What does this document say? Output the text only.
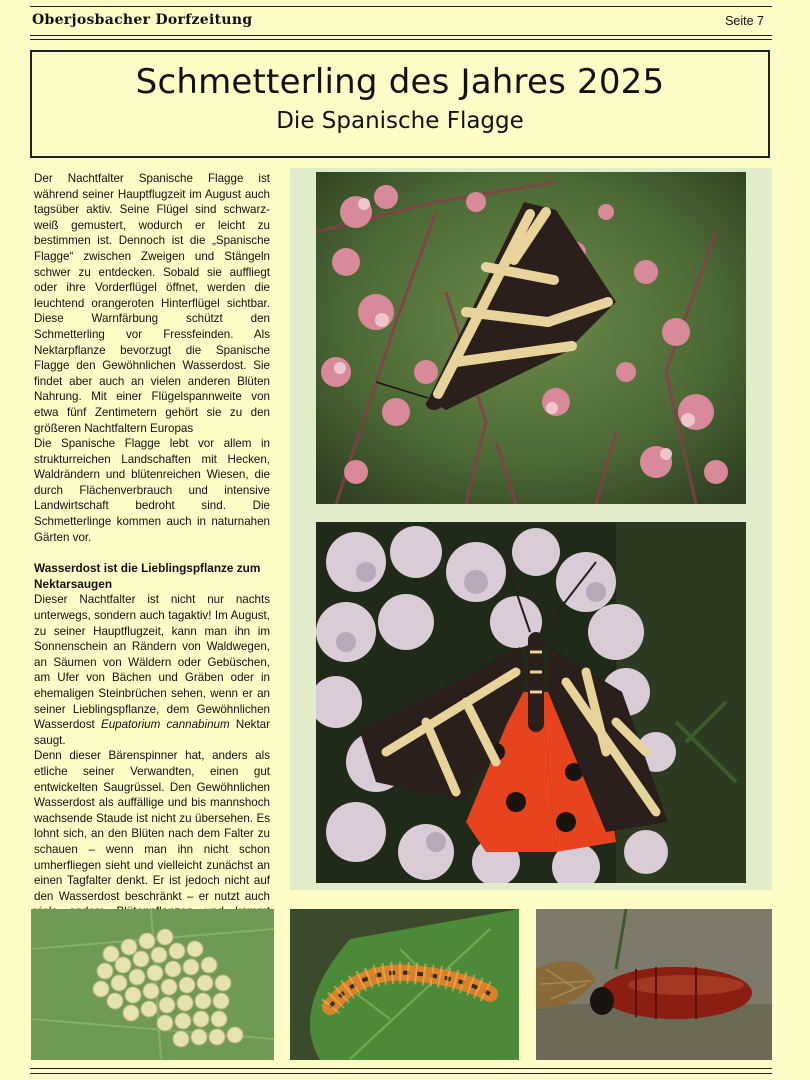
Oberjosbacher Dorfzeitung	Seite 7
Schmetterling des Jahres 2025
Die Spanische Flagge

Der Nachtfalter Spanische Flagge ist während seiner Hauptflugzeit im August auch tagsüber aktiv. Seine Flügel sind schwarz-weiß gemustert, wodurch er leicht zu bestimmen ist. Dennoch ist die „Spanische Flagge“ zwischen Zweigen und Stängeln schwer zu entdecken. Sobald sie auffliegt oder ihre Vorderflügel öffnet, werden die leuchtend orangeroten Hinterflügel sichtbar. Diese Warnfärbung schützt den Schmetterling vor Fressfeinden. Als Nektarpflanze bevorzugt die Spanische Flagge den Gewöhnlichen Wasserdost. Sie findet aber auch an vielen anderen Blüten Nahrung. Mit einer Flügelspannweite von etwa fünf Zentimetern gehört sie zu den größeren Nachtfaltern Europas

Die Spanische Flagge lebt vor allem in strukturreichen Landschaften mit Hecken, Waldrändern und blütenreichen Wiesen, die durch Flächenverbrauch und intensive Landwirtschaft bedroht sind. Die Schmetterlinge kommen auch in naturnahen Gärten vor.

Wasserdost ist die Lieblingspflanze zum Nektarsaugen

Dieser Nachtfalter ist nicht nur nachts unterwegs, sondern auch tagaktiv! Im August, zu seiner Hauptflugzeit, kann man ihn im Sonnenschein an Rändern von Waldwegen, an Säumen von Wäldern oder Gebüschen, am Ufer von Bächen und Gräben oder in ehemaligen Steinbrüchen sehen, wenn er an seiner Lieblingspflanze, dem Gewöhnlichen Wasserdost Eupatorium cannabinum Nektar saugt.

Denn dieser Bärenspinner hat, anders als etliche seiner Verwandten, einen gut entwickelten Saugrüssel. Den Gewöhnlichen Wasserdost als auffällige und bis mannshoch wachsende Staude ist nicht zu übersehen. Es lohnt sich, an den Blüten nach dem Falter zu schauen – wenn man ihn nicht schon umherfliegen sieht und vielleicht zunächst an einen Tagfalter denkt. Er ist jedoch nicht auf den Wasserdost beschränkt – er nutzt auch
